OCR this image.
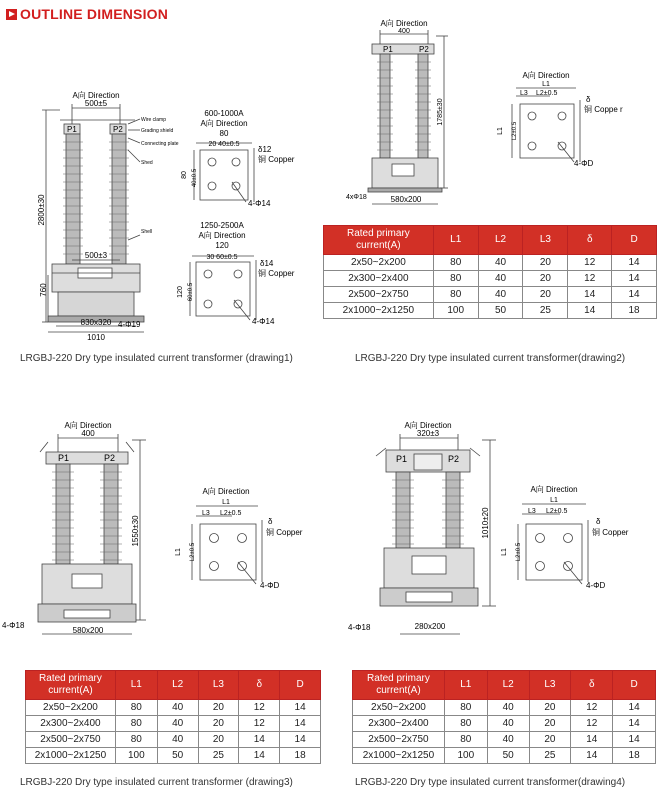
OUTLINE DIMENSION
A向 Direction
500±5
P1	P2
2800±30
760
500±3
830x320
1010
4-Φ19
Wire clamp
Grading shield
Connecting plate
Shed
Shell
600-1000A
A向 Direction
80
20 40±0.5
80 40±0.5
δ12
铜 Copper
4-Φ14
1250-2500A
A向 Direction
120
30 60±0.5
120 60±0.5
δ14
铜 Copper
4-Φ14
LRGBJ-220 Dry type insulated current transformer (drawing1)
A向 Direction
400
P1	P2
1785±30
4xΦ18	580x200
A向 Direction
L1
L3 L2±0.5
L1 L2±0.5
δ
铜 Coppe r
4-ΦD
Rated primary current(A)	L1	L2	L3	δ	D
2x50~2x200	80	40	20	12	14
2x300~2x400	80	40	20	12	14
2x500~2x750	80	40	20	14	14
2x1000~2x1250	100	50	25	14	18
LRGBJ-220 Dry type insulated current transformer(drawing2)
A向 Direction
400
P1	P2
1550±30
4-Φ18
580x200
A向 Direction
L1
L3 L2±0.5
L1 L2±0.5
δ
铜 Copper
4-ΦD
Rated primary current(A)	L1	L2	L3	δ	D
2x50~2x200	80	40	20	12	14
2x300~2x400	80	40	20	12	14
2x500~2x750	80	40	20	14	14
2x1000~2x1250	100	50	25	14	18
LRGBJ-220 Dry type insulated current transformer (drawing3)
A向 Direction
320±3
P1	P2
1010±20
4-Φ18	280x200
A向 Direction
L1
L3 L2±0.5
L1 L2±0.5
δ
铜 Copper
4-ΦD
Rated primary current(A)	L1	L2	L3	δ	D
2x50~2x200	80	40	20	12	14
2x300~2x400	80	40	20	12	14
2x500~2x750	80	40	20	14	14
2x1000~2x1250	100	50	25	14	18
LRGBJ-220 Dry type insulated current transformer(drawing4)
